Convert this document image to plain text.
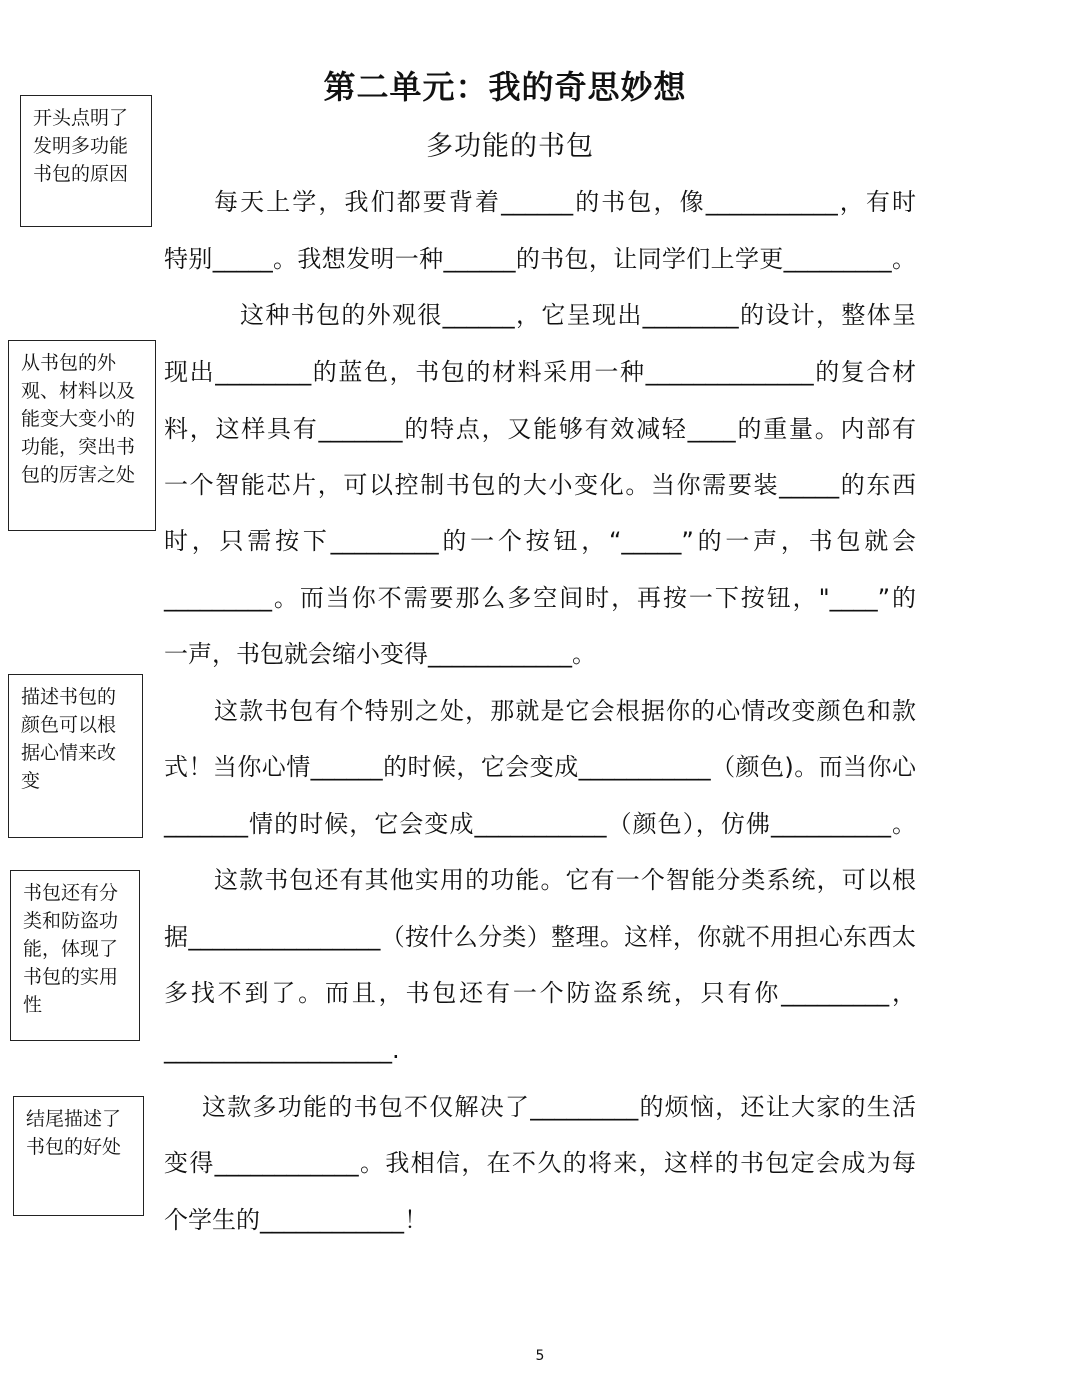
第二单元：我的奇思妙想
多功能的书包
开头点明了
发明多功能
书包的原因
从书包的外
观、材料以及
能变大变小的
功能，突出书
包的厉害之处
描述书包的
颜色可以根
据心情来改
变
书包还有分
类和防盗功
能，体现了
书包的实用
性
结尾描述了
书包的好处
每天上学，我们都要背着______的书包，像___________，有时
特别_____。我想发明一种______的书包，让同学们上学更_________。
这种书包的外观很______，它呈现出________的设计，整体呈
现出________的蓝色，书包的材料采用一种______________的复合材
料，这样具有_______的特点，又能够有效减轻____的重量。内部有
一个智能芯片，可以控制书包的大小变化。当你需要装_____的东西
时，只需按下_________的一个按钮，“_____”的一声，书包就会
_________。而当你不需要那么多空间时，再按一下按钮，"____”的
一声，书包就会缩小变得____________。
这款书包有个特别之处，那就是它会根据你的心情改变颜色和款
式！当你心情______的时候，它会变成___________（颜色)。而当你心
_______情的时候，它会变成___________（颜色），仿佛__________。
这款书包还有其他实用的功能。它有一个智能分类系统，可以根
据________________（按什么分类）整理。这样，你就不用担心东西太
多找不到了。而且，书包还有一个防盗系统，只有你_________，
___________________.
这款多功能的书包不仅解决了_________的烦恼，还让大家的生活
变得____________。我相信，在不久的将来，这样的书包定会成为每
个学生的____________！
5
